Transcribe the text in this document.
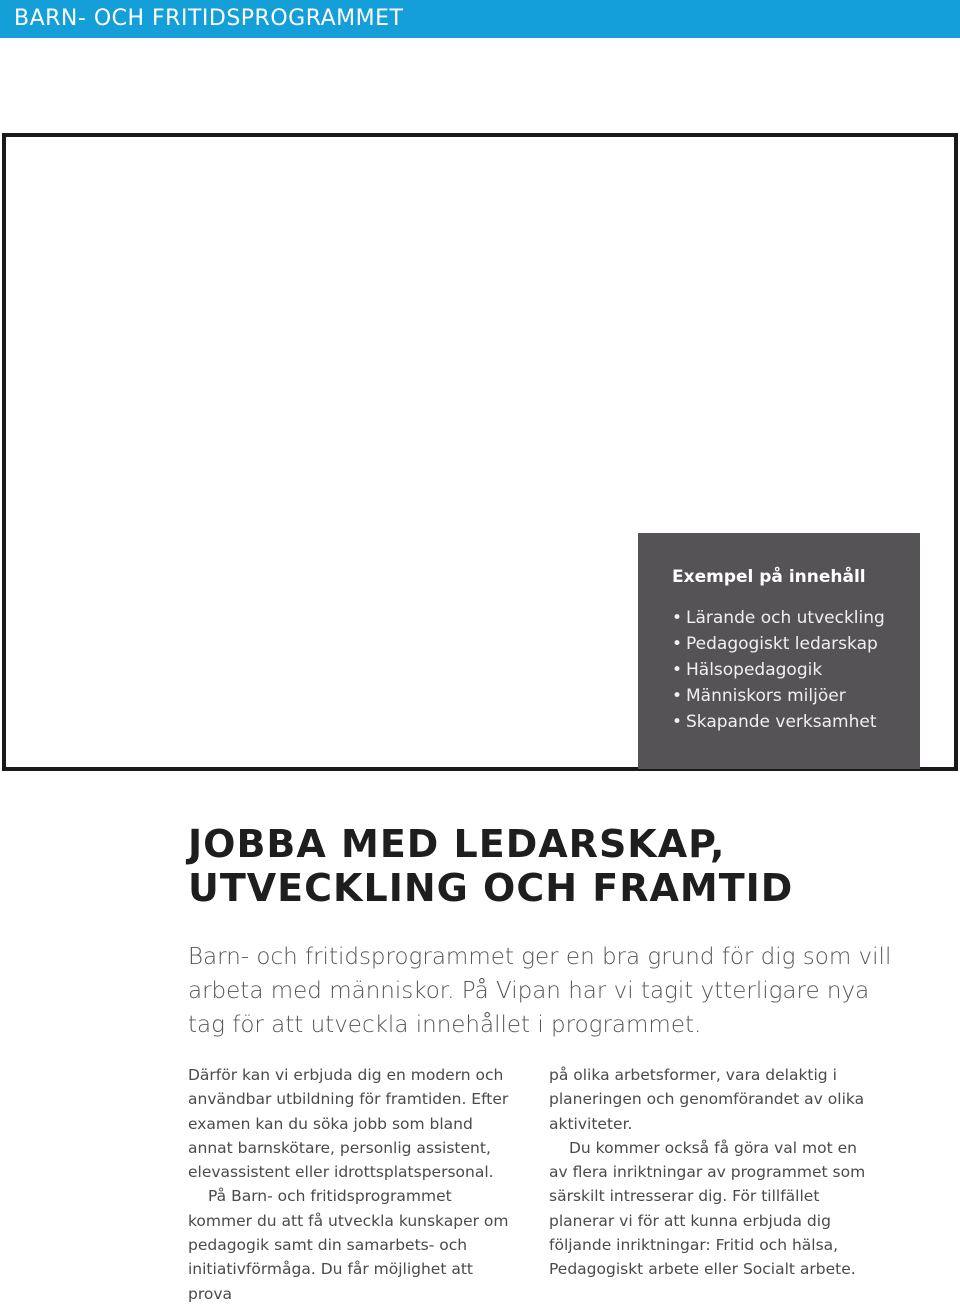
BARN- OCH FRITIDSPROGRAMMET
Exempel på innehåll
• Lärande och utveckling
• Pedagogiskt ledarskap
• Hälsopedagogik
• Människors miljöer
• Skapande verksamhet
JOBBA MED LEDARSKAP,
UTVECKLING OCH FRAMTID

Barn- och fritidsprogrammet ger en bra grund för dig som vill arbeta med människor. På Vipan har vi tagit ytterligare nya tag för att utveckla innehållet i programmet.

Därför kan vi erbjuda dig en modern och användbar utbildning för framtiden. Efter examen kan du söka jobb som bland annat barnskötare, personlig assistent, elevassistent eller idrottsplatspersonal.

På Barn- och fritidsprogrammet kommer du att få utveckla kunskaper om pedagogik samt din samarbets- och initiativförmåga. Du får möjlighet att prova

på olika arbetsformer, vara delaktig i planeringen och genomförandet av olika aktiviteter.

Du kommer också få göra val mot en av flera inriktningar av programmet som särskilt intresserar dig. För tillfället planerar vi för att kunna erbjuda dig följande inriktningar: Fritid och hälsa, Pedagogiskt arbete eller Socialt arbete.
